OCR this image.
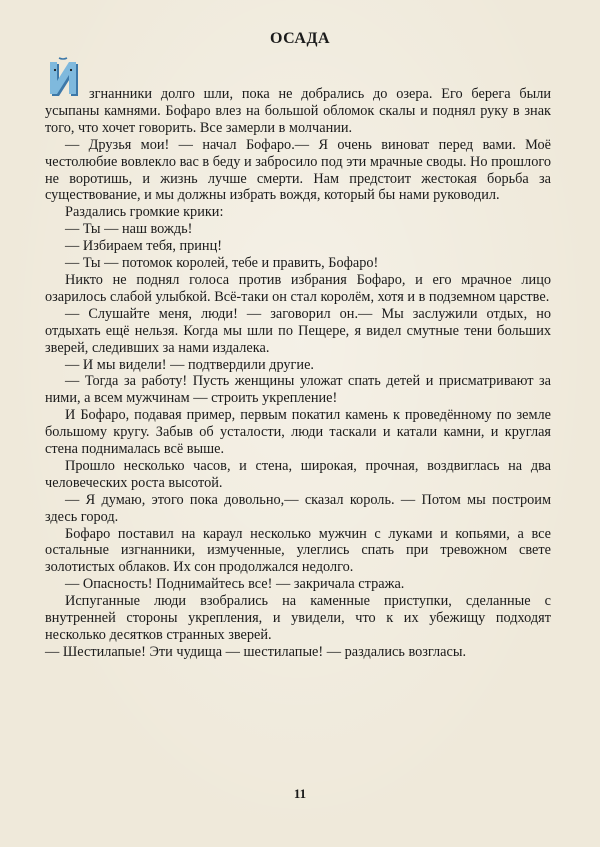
ОСАДА

згнанники долго шли, пока не добрались до озера. Его берега были усыпаны камнями. Бофаро влез на большой обломок скалы и поднял руку в знак того, что хочет говорить. Все замерли в молчании.

— Друзья мои! — начал Бофаро.— Я очень виноват перед вами. Моё честолюбие вовлекло вас в беду и забросило под эти мрачные своды. Но прошлого не воротишь, и жизнь лучше смерти. Нам предстоит жестокая борьба за существование, и мы должны избрать вождя, который бы нами руководил.

Раздались громкие крики:

— Ты — наш вождь!

— Избираем тебя, принц!

— Ты — потомок королей, тебе и править, Бофаро!

Никто не поднял голоса против избрания Бофаро, и его мрачное лицо озарилось слабой улыбкой. Всё-таки он стал королём, хотя и в подземном царстве.

— Слушайте меня, люди! — заговорил он.— Мы заслужили отдых, но отдыхать ещё нельзя. Когда мы шли по Пещере, я видел смутные тени больших зверей, следивших за нами издалека.

— И мы видели! — подтвердили другие.

— Тогда за работу! Пусть женщины уложат спать детей и присматривают за ними, а всем мужчинам — строить укрепление!

И Бофаро, подавая пример, первым покатил камень к проведённому по земле большому кругу. Забыв об усталости, люди таскали и катали камни, и круглая стена поднималась всё выше.

Прошло несколько часов, и стена, широкая, прочная, воздвиглась на два человеческих роста высотой.

— Я думаю, этого пока довольно,— сказал король. — Потом мы построим здесь город.

Бофаро поставил на караул несколько мужчин с луками и копьями, а все остальные изгнанники, измученные, улеглись спать при тревожном свете золотистых облаков. Их сон продолжался недолго.

— Опасность! Поднимайтесь все! — закричала стража.

Испуганные люди взобрались на каменные приступки, сделанные с внутренней стороны укрепления, и увидели, что к их убежищу подходят несколько десятков странных зверей.

— Шестилапые! Эти чудища — шестилапые! — раздались возгласы.

11
